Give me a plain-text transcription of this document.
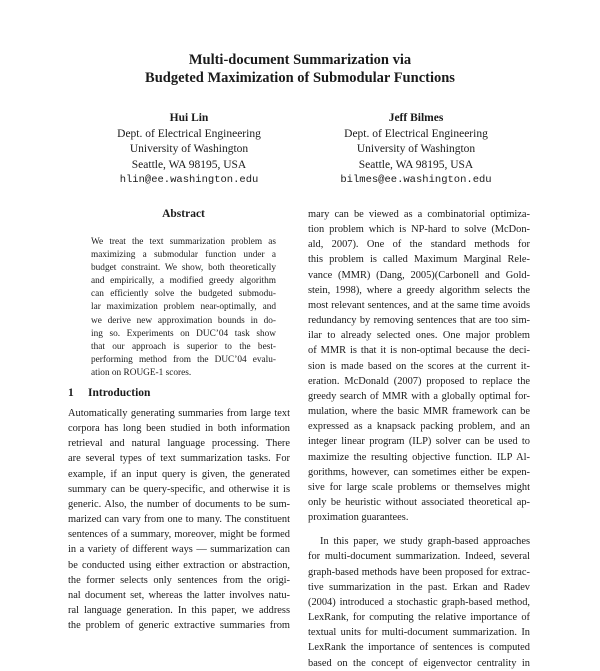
Multi-document Summarization via
Budgeted Maximization of Submodular Functions
Hui Lin
Dept. of Electrical Engineering
University of Washington
Seattle, WA 98195, USA
hlin@ee.washington.edu
Jeff Bilmes
Dept. of Electrical Engineering
University of Washington
Seattle, WA 98195, USA
bilmes@ee.washington.edu
Abstract
We treat the text summarization problem as
maximizing a submodular function under a
budget constraint. We show, both theoretically
and empirically, a modified greedy algorithm
can efficiently solve the budgeted submodu-
lar maximization problem near-optimally, and
we derive new approximation bounds in do-
ing so. Experiments on DUC’04 task show
that our approach is superior to the best-
performing method from the DUC’04 evalu-
ation on ROUGE-1 scores.
1 Introduction
Automatically generating summaries from large text
corpora has long been studied in both information
retrieval and natural language processing. There
are several types of text summarization tasks. For
example, if an input query is given, the generated
summary can be query-specific, and otherwise it is
generic. Also, the number of documents to be sum-
marized can vary from one to many. The constituent
sentences of a summary, moreover, might be formed
in a variety of different ways — summarization can
be conducted using either extraction or abstraction,
the former selects only sentences from the origi-
nal document set, whereas the latter involves natu-
ral language generation. In this paper, we address
the problem of generic extractive summaries from
mary can be viewed as a combinatorial optimiza-
tion problem which is NP-hard to solve (McDon-
ald, 2007). One of the standard methods for
this problem is called Maximum Marginal Rele-
vance (MMR) (Dang, 2005)(Carbonell and Gold-
stein, 1998), where a greedy algorithm selects the
most relevant sentences, and at the same time avoids
redundancy by removing sentences that are too sim-
ilar to already selected ones. One major problem
of MMR is that it is non-optimal because the deci-
sion is made based on the scores at the current it-
eration. McDonald (2007) proposed to replace the
greedy search of MMR with a globally optimal for-
mulation, where the basic MMR framework can be
expressed as a knapsack packing problem, and an
integer linear program (ILP) solver can be used to
maximize the resulting objective function. ILP Al-
gorithms, however, can sometimes either be expen-
sive for large scale problems or themselves might
only be heuristic without associated theoretical ap-
proximation guarantees.
In this paper, we study graph-based approaches
for multi-document summarization. Indeed, several
graph-based methods have been proposed for extrac-
tive summarization in the past. Erkan and Radev
(2004) introduced a stochastic graph-based method,
LexRank, for computing the relative importance of
textual units for multi-document summarization. In
LexRank the importance of sentences is computed
based on the concept of eigenvector centrality in
